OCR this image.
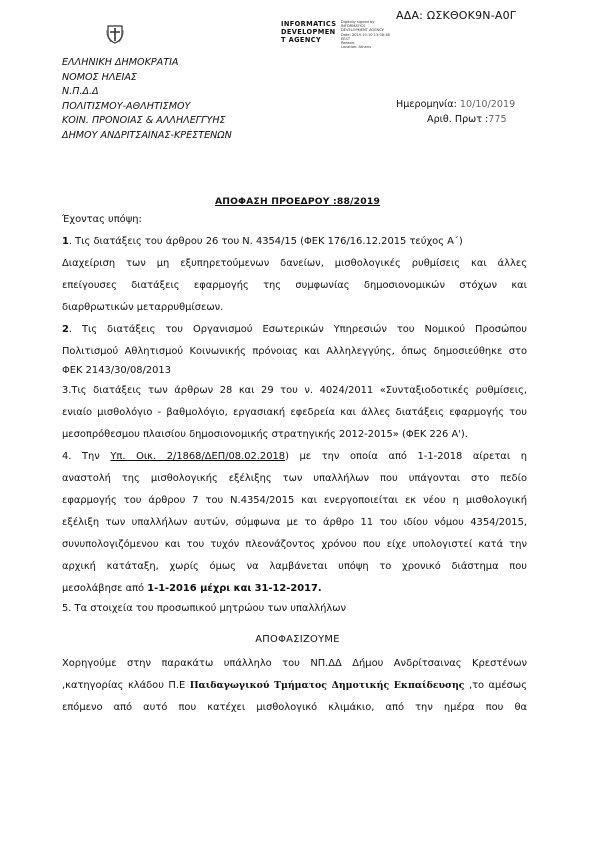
ΑΔΑ: ΩΣΚΘΟΚ9Ν-Α0Γ
INFORMATICS
DEVELOPMEN
T AGENCY
Digitally signed by
INFORMATICS
DEVELOPMENT AGENCY
Date: 2019.10.10 13:08:38
EEST
Reason:
Location: Athens
ΕΛΛΗΝΙΚΗ ΔΗΜΟΚΡΑΤΙΑ
ΝΟΜΟΣ ΗΛΕΙΑΣ
Ν.Π.Δ.Δ
ΠΟΛΙΤΙΣΜΟΥ-ΑΘΛΗΤΙΣΜΟΥ
ΚΟΙΝ. ΠΡΟΝΟΙΑΣ & ΑΛΛΗΛΕΓΓΥΗΣ
ΔΗΜΟΥ ΑΝΔΡΙΤΣΑΙΝΑΣ-ΚΡΕΣΤΕΝΩΝ
Ημερομηνία: 10/10/2019
Αριθ. Πρωτ :775
ΑΠΟΦΑΣΗ ΠΡΟΕΔΡΟΥ :88/2019
Έχοντας υπόψη:
1. Τις διατάξεις του άρθρου 26 του Ν. 4354/15 (ΦΕΚ 176/16.12.2015 τεύχος Α΄)
Διαχείριση των μη εξυπηρετούμενων δανείων, μισθολογικές ρυθμίσεις και άλλες
επείγουσες διατάξεις εφαρμογής της συμφωνίας δημοσιονομικών στόχων και
διαρθρωτικών μεταρρυθμίσεων.
2. Τις διατάξεις του Οργανισμού Εσωτερικών Υπηρεσιών του Νομικού Προσώπου
Πολιτισμού Αθλητισμού Κοινωνικής πρόνοιας και Αλληλεγγύης, όπως δημοσιεύθηκε στο
ΦΕΚ 2143/30/08/2013
3.Τις διατάξεις των άρθρων 28 και 29 του ν. 4024/2011 «Συνταξιοδοτικές ρυθμίσεις,
ενιαίο μισθολόγιο - βαθμολόγιο, εργασιακή εφεδρεία και άλλες διατάξεις εφαρμογής του
μεσοπρόθεσμου πλαισίου δημοσιονομικής στρατηγικής 2012-2015» (ΦΕΚ 226 Α').
4. Την Υπ. Οικ. 2/1868/ΔΕΠ/08.02.2018) με την οποία από 1-1-2018 αίρεται η
αναστολή της μισθολογικής εξέλιξης των υπαλλήλων που υπάγονται στο πεδίο
εφαρμογής του άρθρου 7 του Ν.4354/2015 και ενεργοποιείται εκ νέου η μισθολογική
εξέλιξη των υπαλλήλων αυτών, σύμφωνα με το άρθρο 11 του ιδίου νόμου 4354/2015,
συνυπολογιζόμενου και του τυχόν πλεονάζοντος χρόνου που είχε υπολογιστεί κατά την
αρχική κατάταξη, χωρίς όμως να λαμβάνεται υπόψη το χρονικό διάστημα που
μεσολάβησε από 1-1-2016 μέχρι και 31-12-2017.
5. Τα στοιχεία του προσωπικού μητρώου των υπαλλήλων
ΑΠΟΦΑΣΙΖΟΥΜΕ
Χορηγούμε στην παρακάτω υπάλληλο του ΝΠ.ΔΔ Δήμου Ανδρίτσαινας Κρεστένων
,κατηγορίας κλάδου Π.Ε Παιδαγωγικού Τμήματος Δημοτικής Εκπαίδευσης ,το αμέσως
επόμενο από αυτό που κατέχει μισθολογικό κλιμάκιο, από την ημέρα που θα
